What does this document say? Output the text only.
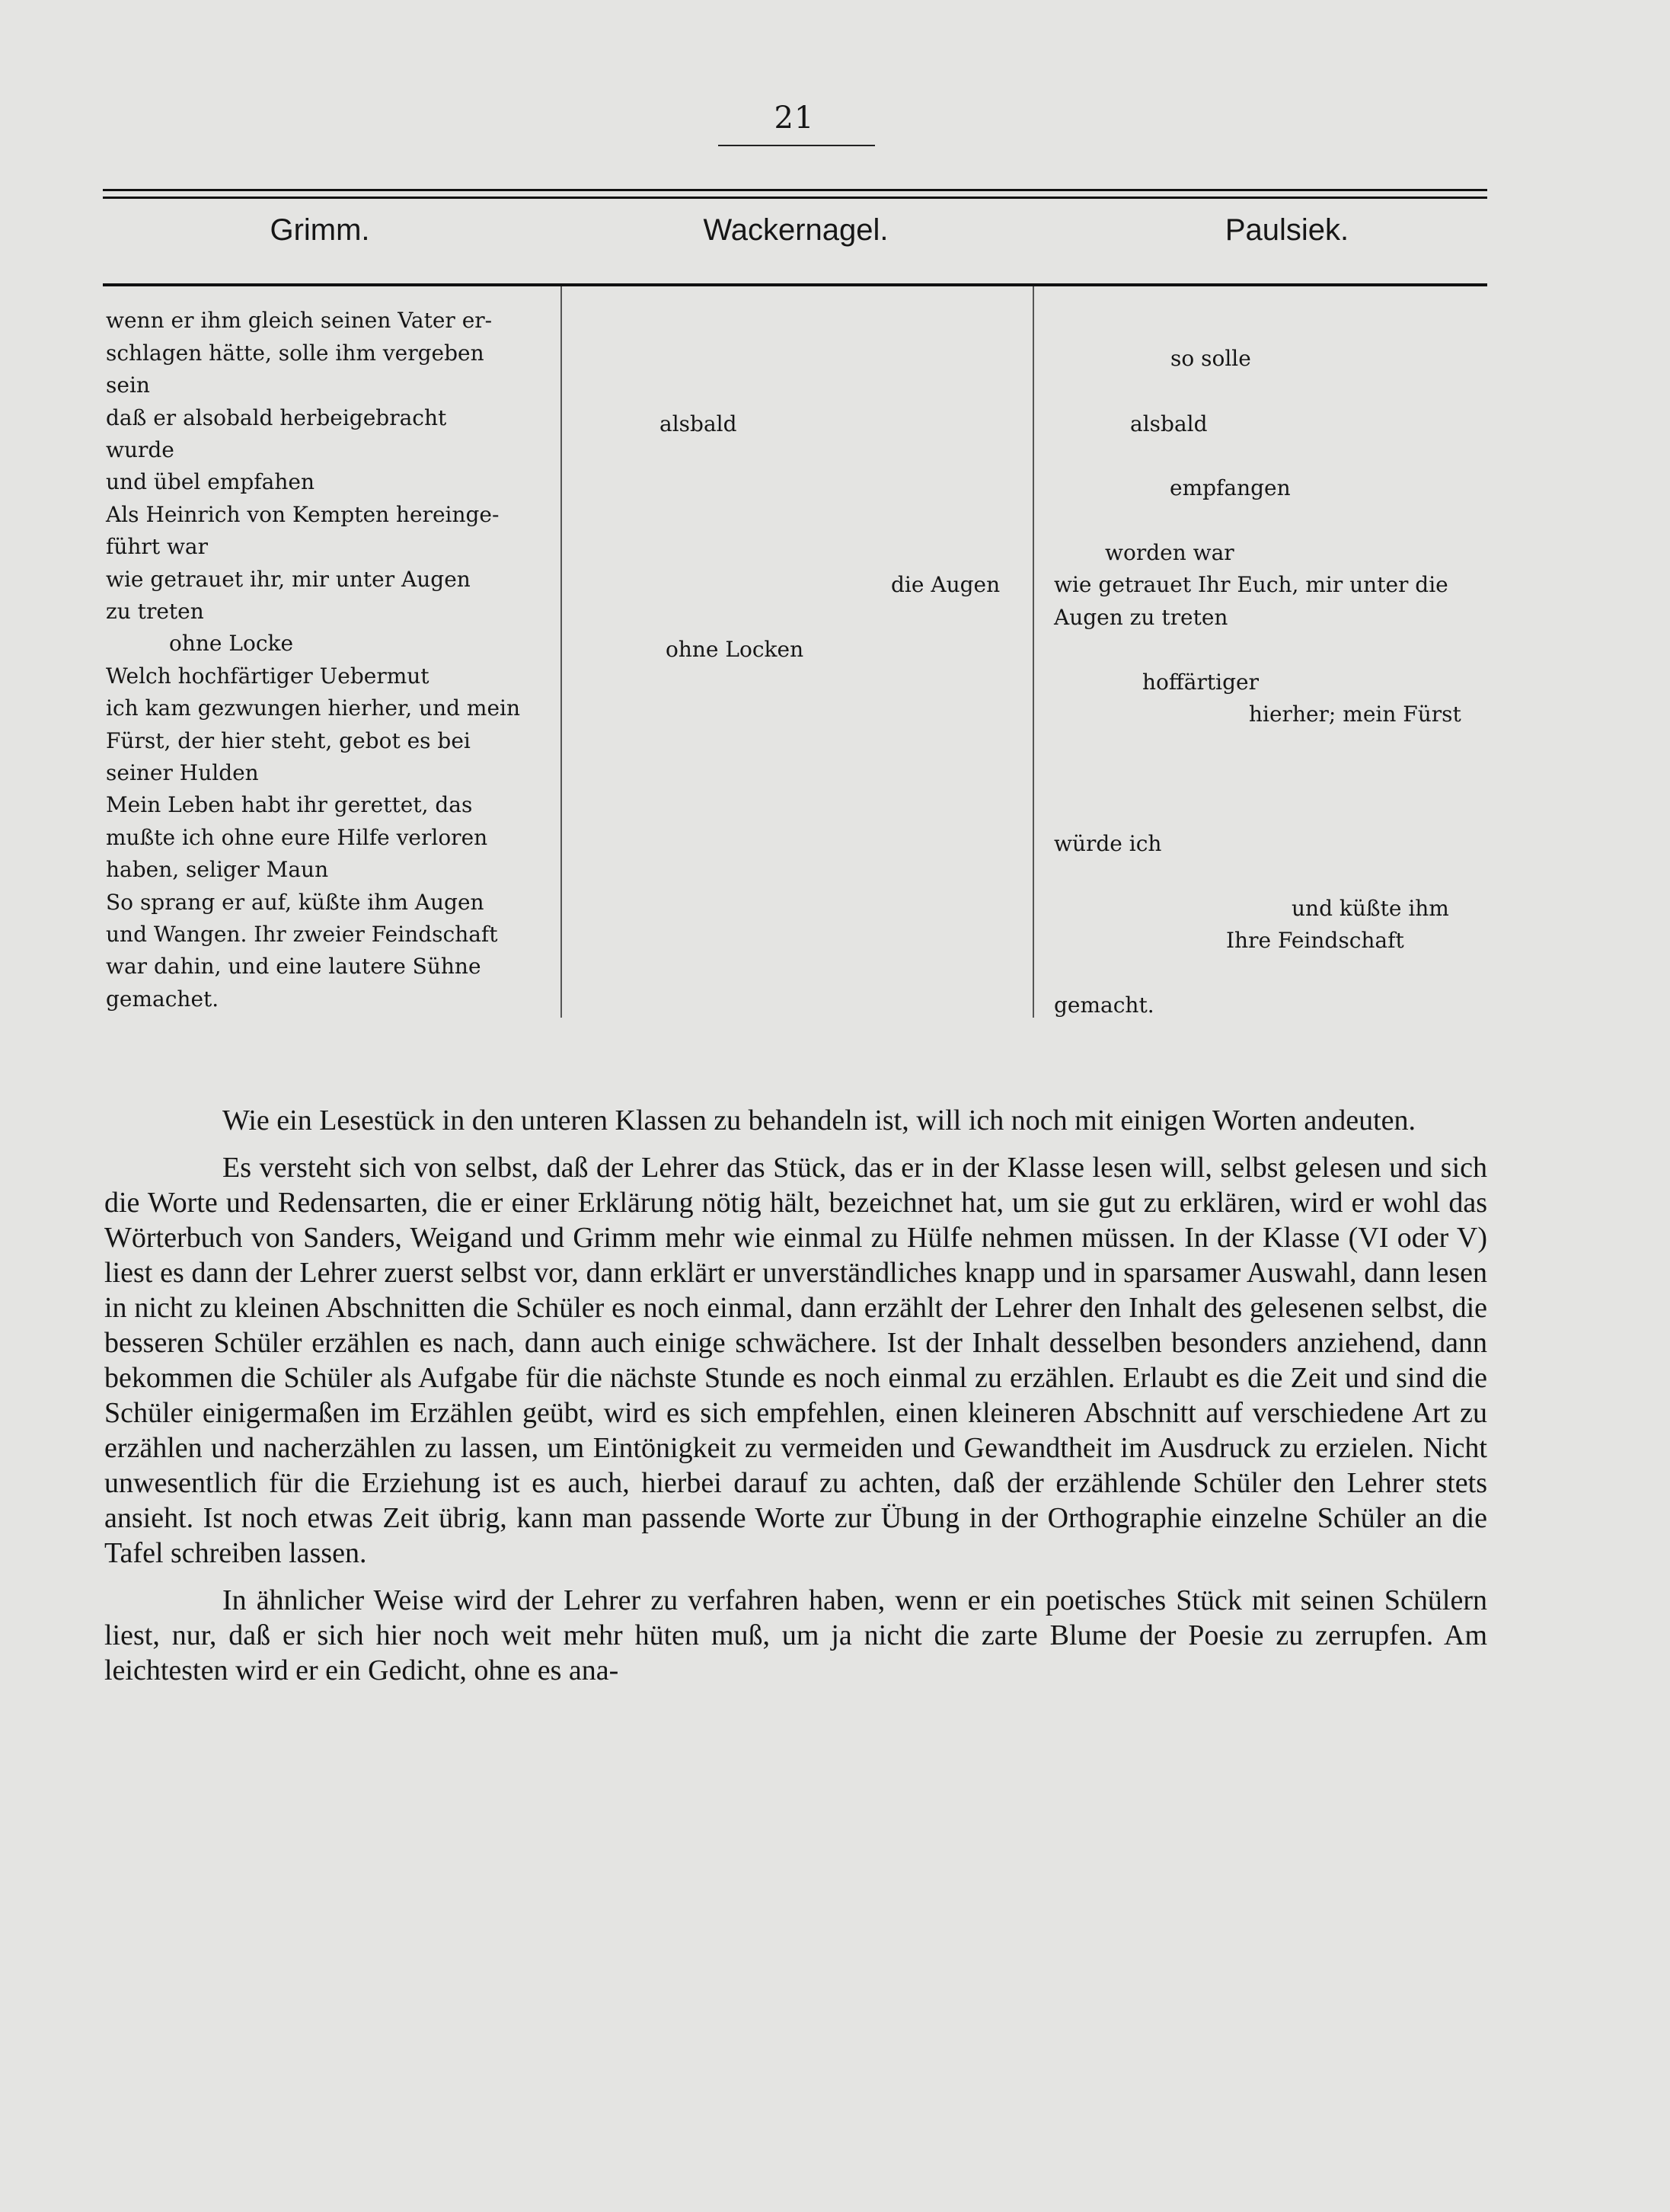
21
Grimm.	Wackernagel.	Paulsiek.
wenn er ihm gleich seinen Vater er-
schlagen hätte, solle ihm vergeben
sein
daß er alsobald herbeigebracht
wurde
und übel empfahen
Als Heinrich von Kempten hereinge-
führt war
wie getrauet ihr, mir unter Augen
zu treten
ohne Locke
Welch hochfärtiger Uebermut
ich kam gezwungen hierher, und mein
Fürst, der hier steht, gebot es bei
seiner Hulden
Mein Leben habt ihr gerettet, das
mußte ich ohne eure Hilfe verloren
haben, seliger Maun
So sprang er auf, küßte ihm Augen
und Wangen. Ihr zweier Feindschaft
war dahin, und eine lautere Sühne
gemachet.
alsbald
die Augen
ohne Locken
so solle
alsbald
empfangen
worden war
wie getrauet Ihr Euch, mir unter die
Augen zu treten
hoffärtiger
hierher; mein Fürst
würde ich
und küßte ihm
Ihre Feindschaft
gemacht.

Wie ein Lesestück in den unteren Klassen zu behandeln ist, will ich noch mit einigen Worten andeuten.

Es versteht sich von selbst, daß der Lehrer das Stück, das er in der Klasse lesen will, selbst gelesen und sich die Worte und Redensarten, die er einer Erklärung nötig hält, bezeichnet hat, um sie gut zu erklären, wird er wohl das Wörterbuch von Sanders, Weigand und Grimm mehr wie einmal zu Hülfe nehmen müssen. In der Klasse (VI oder V) liest es dann der Lehrer zuerst selbst vor, dann erklärt er unverständliches knapp und in sparsamer Auswahl, dann lesen in nicht zu kleinen Abschnitten die Schüler es noch einmal, dann erzählt der Lehrer den Inhalt des gelesenen selbst, die besseren Schüler erzählen es nach, dann auch einige schwächere. Ist der Inhalt desselben besonders anziehend, dann bekommen die Schüler als Aufgabe für die nächste Stunde es noch einmal zu erzählen. Erlaubt es die Zeit und sind die Schüler einigermaßen im Erzählen geübt, wird es sich empfehlen, einen kleineren Abschnitt auf verschiedene Art zu erzählen und nacherzählen zu lassen, um Eintönigkeit zu vermeiden und Gewandtheit im Ausdruck zu erzielen. Nicht unwesentlich für die Erziehung ist es auch, hierbei darauf zu achten, daß der erzählende Schüler den Lehrer stets ansieht. Ist noch etwas Zeit übrig, kann man passende Worte zur Übung in der Orthographie einzelne Schüler an die Tafel schreiben lassen.

In ähnlicher Weise wird der Lehrer zu verfahren haben, wenn er ein poetisches Stück mit seinen Schülern liest, nur, daß er sich hier noch weit mehr hüten muß, um ja nicht die zarte Blume der Poesie zu zerrupfen. Am leichtesten wird er ein Gedicht, ohne es ana-
